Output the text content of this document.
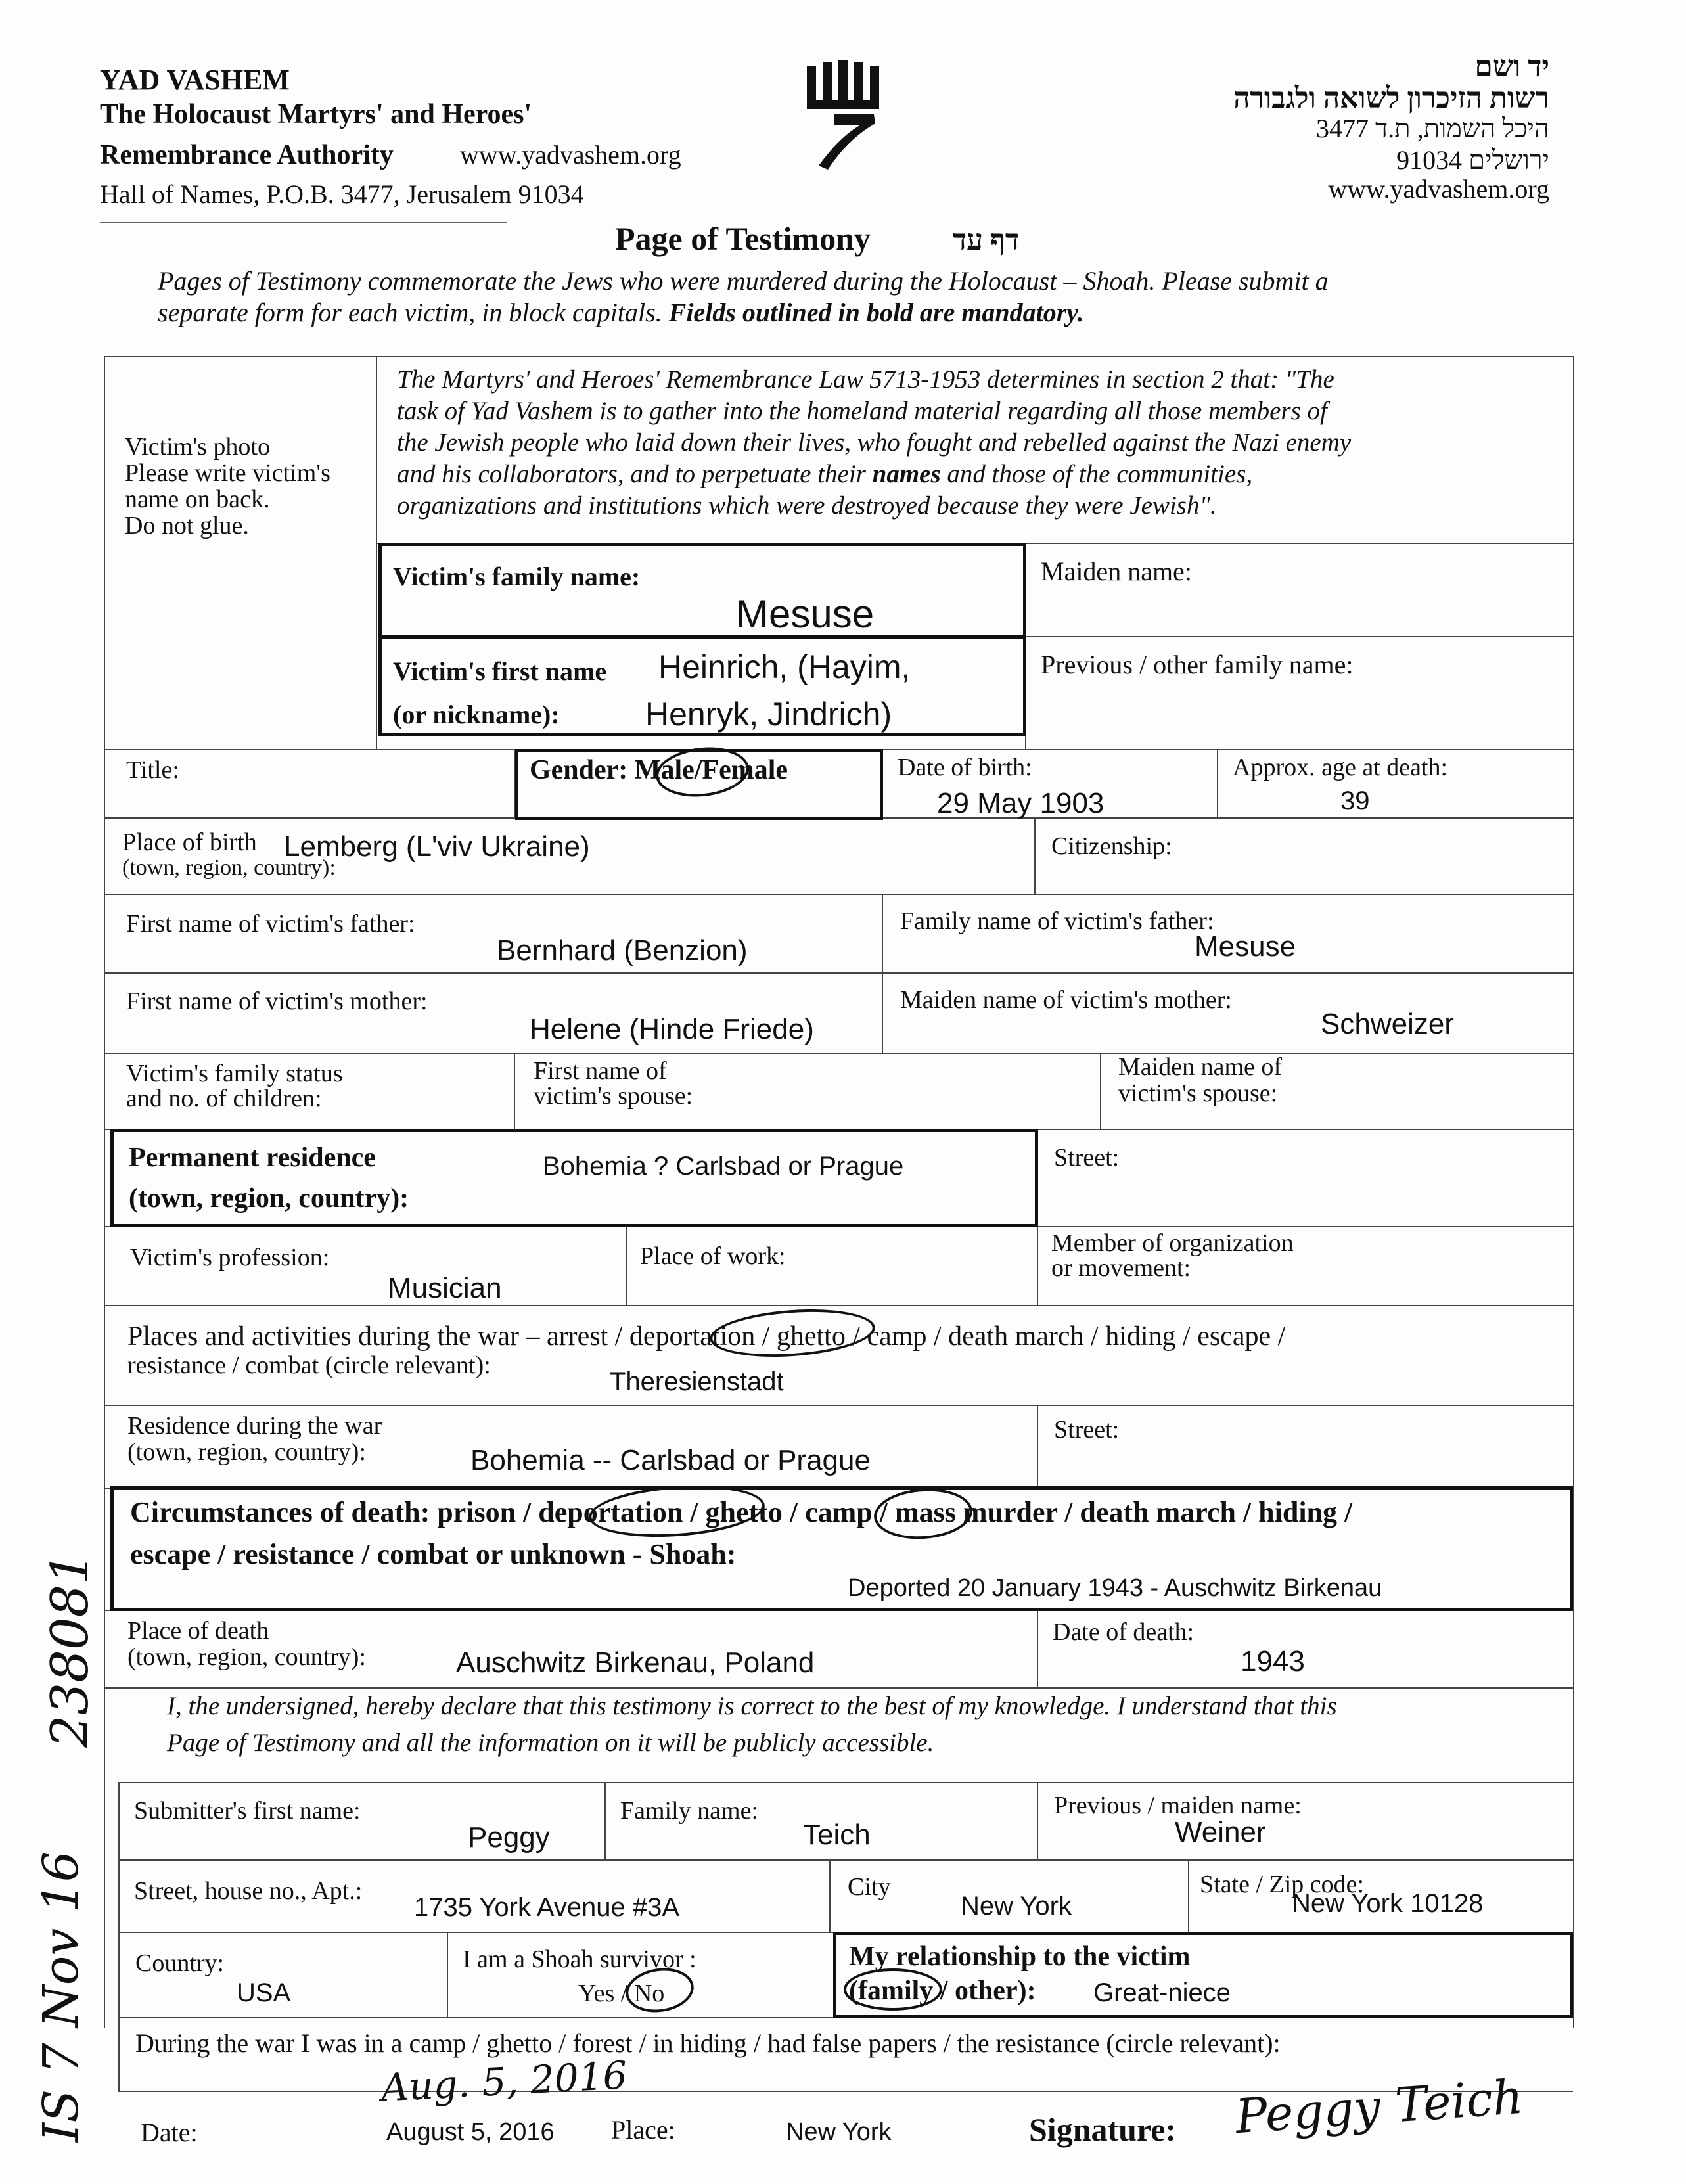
YAD VASHEM
The Holocaust Martyrs' and Heroes'
Remembrance Authority	www.yadvashem.org
Hall of Names, P.O.B. 3477, Jerusalem 91034
יד ושם
רשות הזיכרון לשואה ולגבורה
היכל השמות, ת.ד 3477
ירושלים 91034
www.yadvashem.org
Page of Testimony	דף עד
Pages of Testimony commemorate the Jews who were murdered during the Holocaust – Shoah. Please submit a
separate form for each victim, in block capitals. Fields outlined in bold are mandatory.
Victim's photo
Please write victim's
name on back.
Do not glue.
The Martyrs' and Heroes' Remembrance Law 5713-1953 determines in section 2 that: "The
task of Yad Vashem is to gather into the homeland material regarding all those members of
the Jewish people who laid down their lives, who fought and rebelled against the Nazi enemy
and his collaborators, and to perpetuate their names and those of the communities,
organizations and institutions which were destroyed because they were Jewish".
Victim's family name:
Mesuse
Maiden name:
Victim's first name
(or nickname):
Heinrich, (Hayim,
Henryk, Jindrich)
Previous / other family name:
Title:	Gender: Male/Female	Date of birth:
29 May 1903
Approx. age at death:
39
Place of birth
(town, region, country):
Lemberg (L'viv Ukraine)	Citizenship:
First name of victim's father:
Bernhard (Benzion)
Family name of victim's father:
Mesuse
First name of victim's mother:
Helene (Hinde Friede)
Maiden name of victim's mother:
Schweizer
Victim's family status
and no. of children:
First name of
victim's spouse:
Maiden name of
victim's spouse:
Permanent residence
(town, region, country):
Bohemia ? Carlsbad or Prague	Street:
Victim's profession:
Musician
Place of work:	Member of organization
or movement:
Places and activities during the war – arrest / deportation / ghetto / camp / death march / hiding / escape /
resistance / combat (circle relevant):
Theresienstadt
Residence during the war
(town, region, country):	Bohemia -- Carlsbad or Prague
Street:
Circumstances of death: prison / deportation / ghetto / camp / mass murder / death march / hiding /
escape / resistance / combat or unknown - Shoah:
Deported 20 January 1943 - Auschwitz Birkenau
Place of death
(town, region, country):	Auschwitz Birkenau, Poland
Date of death:
1943
I, the undersigned, hereby declare that this testimony is correct to the best of my knowledge. I understand that this
Page of Testimony and all the information on it will be publicly accessible.
Submitter's first name:
Peggy
Family name:
Teich
Previous / maiden name:
Weiner
Street, house no., Apt.:
1735 York Avenue #3A
City
New York
State / Zip code:
New York 10128
Country:
USA
I am a Shoah survivor :
Yes / No
My relationship to the victim
(family / other): Great-niece
During the war I was in a camp / ghetto / forest / in hiding / had false papers / the resistance (circle relevant):
Aug. 5, 2016
Date:	August 5, 2016 Place:	New York	Signature: Peggy Teich
238081
IS 7 Nov 16
